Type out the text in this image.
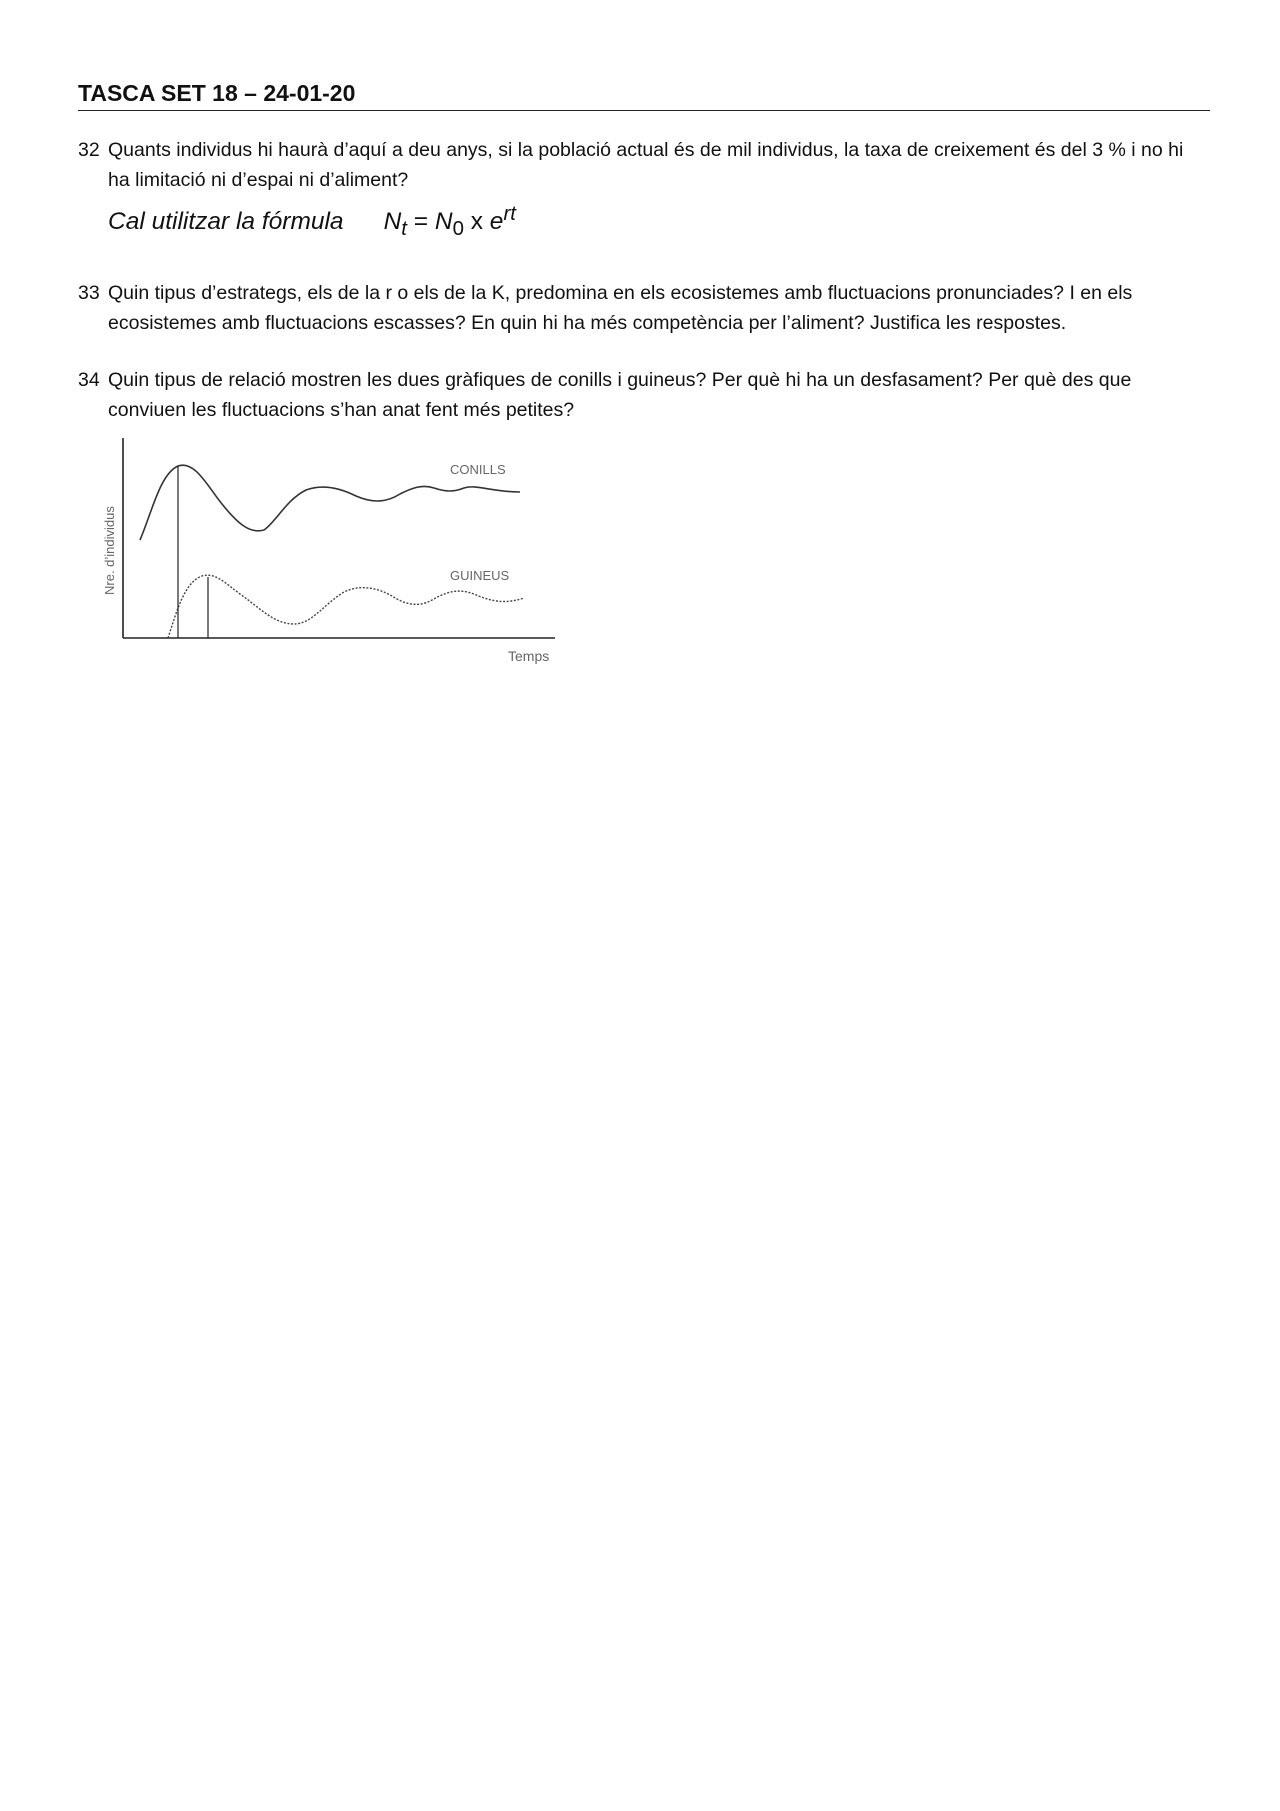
TASCA SET 18 – 24-01-20
32 Quants individus hi haurà d’aquí a deu anys, si la població actual és de mil individus, la taxa de creixement és del 3 % i no hi ha limitació ni d’espai ni d’aliment?
Cal utilitzar la fórmula $N_t = N_0$ x $e^{rt}$
33 Quin tipus d’estrategs, els de la r o els de la K, predomina en els ecosistemes amb fluctuacions pronunciades? I en els ecosistemes amb fluctuacions escasses? En quin hi ha més competència per l’aliment? Justifica les respostes.
34 Quin tipus de relació mostren les dues gràfiques de conills i guineus? Per què hi ha un desfasament? Per què des que conviuen les fluctuacions s’han anat fent més petites?
CONILLS
GUINEUS
Temps
Nre. d’individus
